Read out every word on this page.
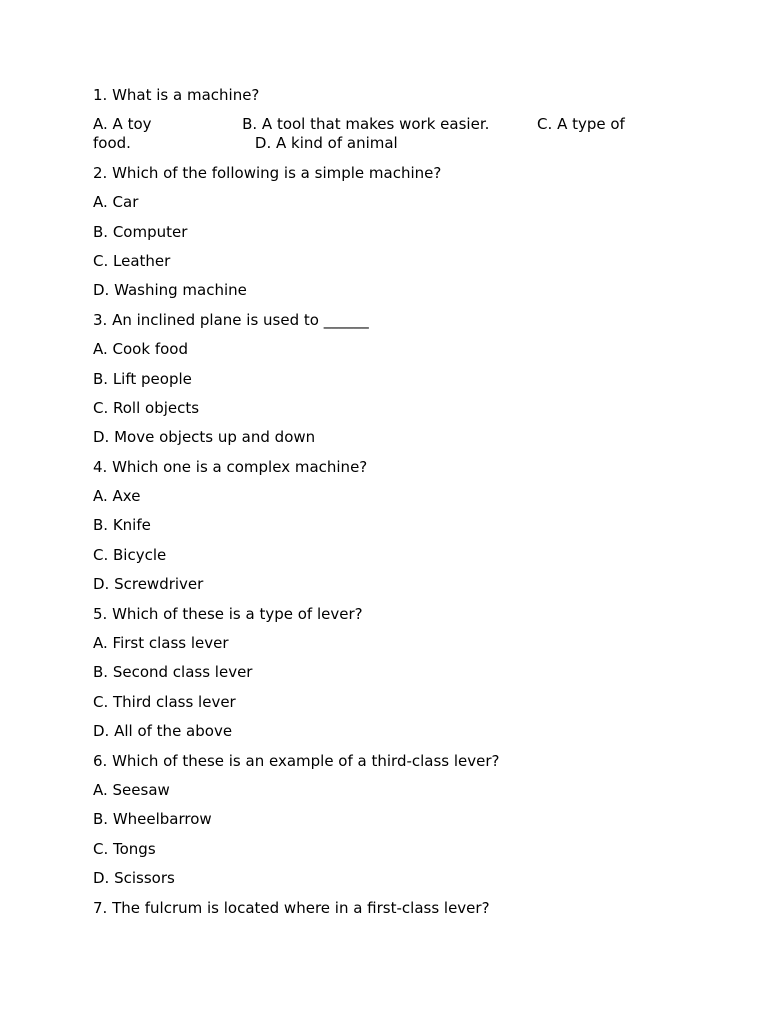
1. What is a machine?
A. A toy                   B. A tool that makes work easier.          C. A type of
food.                          D. A kind of animal
2. Which of the following is a simple machine?
A. Car
B. Computer
C. Leather
D. Washing machine
3. An inclined plane is used to ______
A. Cook food
B. Lift people
C. Roll objects
D. Move objects up and down
4. Which one is a complex machine?
A. Axe
B. Knife
C. Bicycle
D. Screwdriver
5. Which of these is a type of lever?
A. First class lever
B. Second class lever
C. Third class lever
D. All of the above
6. Which of these is an example of a third-class lever?
A. Seesaw
B. Wheelbarrow
C. Tongs
D. Scissors
7. The fulcrum is located where in a first-class lever?
